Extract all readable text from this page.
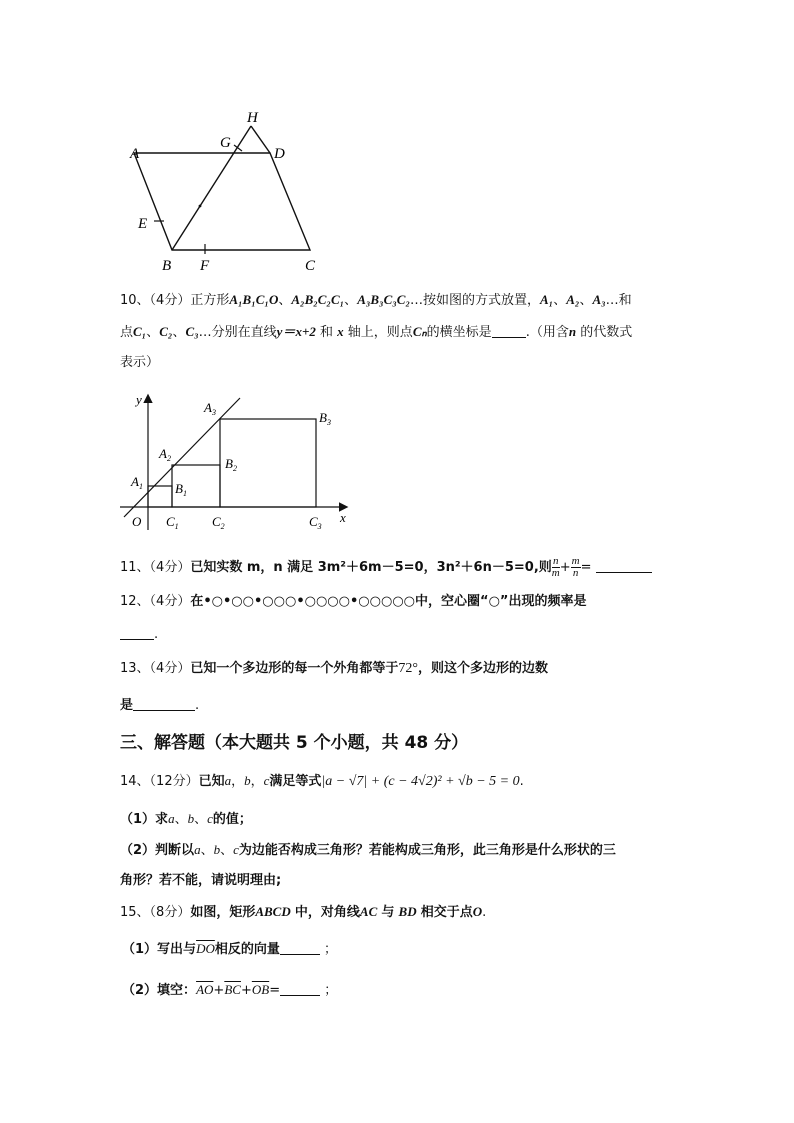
A
B	C
D
E
F
G
H
10、（4分）正方形A₁B₁C₁O、A₂B₂C₂C₁、A₃B₃C₃C₂…按如图的方式放置，A₁、A₂、A₃…和
点C₁、C₂、C₃…分别在直线y＝x+2 和 x 轴上，则点Cₙ的横坐标是	.（用含n 的代数式
表示）
y
x
O
$A_1$
$A_2$
$A_3$
$B_1$
$B_2$
$B_3$
$C_1$	$C_2$	$C_3$
11、（4分）已知实数 m，n 满足 3m²＋6m－5=0，3n²＋6n－5=0,则 $\frac{n}{m} + \frac{m}{n}$ =
12、（4分）在•○•○○•○○○•○○○○•○○○○○中，空心圈“○”出现的频率是
.
13、（4分）已知一个多边形的每一个外角都等于72°，则这个多边形的边数
是	.
三、解答题（本大题共 5 个小题，共 48 分）
14、（12分）已知a，b，c满足等式|a − √7| + (c − 4√2)² + √b − 5 = 0.
（1）求a、b、c的值；
（2）判断以a、b、c为边能否构成三角形？若能构成三角形，此三角形是什么形状的三
角形？若不能，请说明理由;
15、（8分）如图，矩形ABCD 中，对角线AC 与 BD 相交于点O.
（1）写出与$\overline{DO}$相反的向量	；
（2）填空：$\overline{AO}+\overline{BC}+\overline{OB}=$	；
